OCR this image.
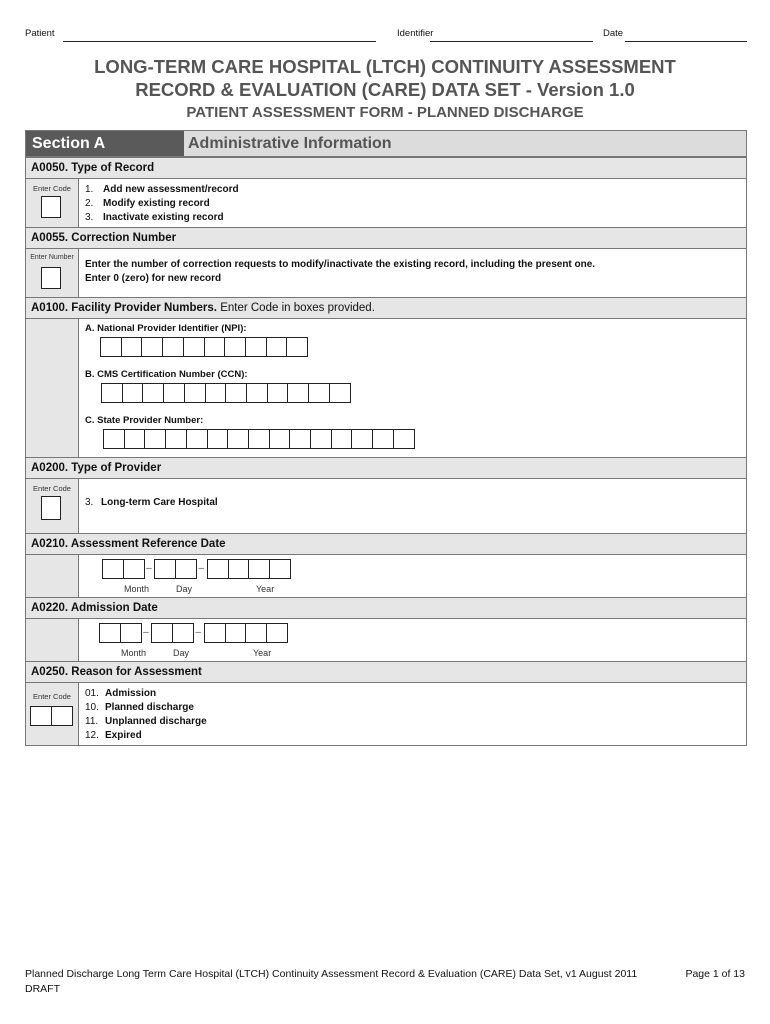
Patient	Identifier	Date
LONG-TERM CARE HOSPITAL (LTCH) CONTINUITY ASSESSMENT
RECORD & EVALUATION (CARE) DATA SET - Version 1.0
PATIENT ASSESSMENT FORM - PLANNED DISCHARGE
Section A	Administrative Information
A0050. Type of Record
Enter Code	1. Add new assessment/record
2. Modify existing record
3. Inactivate existing record
A0055. Correction Number
Enter Number
Enter the number of correction requests to modify/inactivate the existing record, including the present one.
Enter 0 (zero) for new record
A0100. Facility Provider Numbers. Enter Code in boxes provided.
A. National Provider Identifier (NPI):
B. CMS Certification Number (CCN):
C. State Provider Number:
A0200. Type of Provider
Enter Code
3. Long-term Care Hospital
A0210. Assessment Reference Date
–	–
Month	Day	Year
A0220. Admission Date
–	–
Month	Day	Year
A0250. Reason for Assessment
Enter Code	01. Admission
10. Planned discharge
11. Unplanned discharge
12. Expired
Planned Discharge Long Term Care Hospital (LTCH) Continuity Assessment Record & Evaluation (CARE) Data Set, v1 August 2011
DRAFT
Page 1 of 13
